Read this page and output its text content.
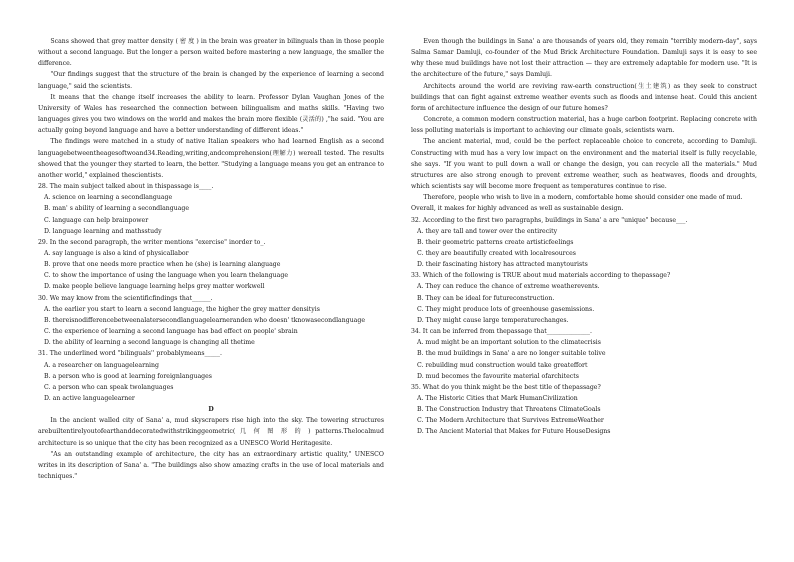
Scans showed that grey matter density ( 密 度 ) in the brain was greater in bilinguals than in those people without a second language. But the longer a person waited before mastering a new language, the smaller the difference.

"Our findings suggest that the structure of the brain is changed by the experience of learning a second language," said the scientists.

It means that the change itself increases the ability to learn. Professor Dylan Vaughan Jones of the University of Wales has researched the connection between bilingualism and maths skills. "Having two languages gives you two windows on the world and makes the brain more flexible (灵活的) ,"he said. "You are actually going beyond language and have a better understanding of different ideas."

The findings were matched in a study of native Italian speakers who had learned English as a second languagebetweentheagesoftwoand34.Reading,writing,andcomprehension(理解力) wereall tested. The results showed that the younger they started to learn, the better. "Studying a language means you get an entrance to another world," explained thescientists.

28. The main subject talked about in thispassage is____.

A. science on learning a secondlanguage

B. man' s ability of learning a secondlanguage

C. language can help brainpower

D. language learning and mathsstudy

29. In the second paragraph, the writer mentions "exercise" inorder to_.

A. say language is also a kind of physicallabor

B. prove that one needs more practice when he (she) is learning alanguage

C. to show the importance of using the language when you learn thelanguage

D. make people believe language learning helps grey matter workwell

30. We may know from the scientificfindings that______.

A. the earlier you start to learn a second language, the higher the grey matter densityis

B. thereisnodifferencebetweenalatersecondlanguagelearneranden who doesn' tknowasecondlanguage

C. the experience of learning a second language has bad effect on people' sbrain

D. the ability of learning a second language is changing all thetime

31. The underlined word "bilinguals'' probablymeans_____.

A. a researcher on languagelearning

B. a person who is good at learning foreignlanguages

C. a person who can speak twolanguages

D. an active languagelearner

D

In the ancient walled city of Sana' a, mud skyscrapers rise high into the sky. The towering structures arebuiltentirelyoutofearthanddecoratedwithstrikinggeometric( 几 何 图 形 的 ) patterns.Thelocalmud architecture is so unique that the city has been recognized as a UNESCO World Heritagesite.

"As an outstanding example of architecture, the city has an extraordinary artistic quality," UNESCO writes in its description of Sana' a. "The buildings also show amazing crafts in the use of local materials and techniques."

Even though the buildings in Sana' a are thousands of years old, they remain "terribly modern-day", says Salma Samar Damluji, co-founder of the Mud Brick Architecture Foundation. Damluji says it is easy to see why these mud buildings have not lost their attraction — they are extremely adaptable for modern use. "It is the architecture of the future," says Damluji.

Architects around the world are reviving raw-earth construction(生土建筑) as they seek to construct buildings that can fight against extreme weather events such as floods and intense heat. Could this ancient form of architecture influence the design of our future homes?

Concrete, a common modern construction material, has a huge carbon footprint. Replacing concrete with less polluting materials is important to achieving our climate goals, scientists warn.

The ancient material, mud, could be the perfect replaceable choice to concrete, according to Damluji. Constructing with mud has a very low impact on the environment and the material itself is fully recyclable, she says. "If you want to pull down a wall or change the design, you can recycle all the materials." Mud structures are also strong enough to prevent extreme weather, such as heatwaves, floods and droughts, which scientists say will become more frequent as temperatures continue to rise.

Therefore, people who wish to live in a modern, comfortable home should consider one made of mud.

Overall, it makes for highly advanced as well as sustainable design.

32. According to the first two paragraphs, buildings in Sana' a are "unique" because___.

A. they are tall and tower over the entirecity

B. their geometric patterns create artisticfeelings

C. they are beautifully created with localresources

D. their fascinating history has attracted manytourists

33. Which of the following is TRUE about mud materials according to thepassage?

A. They can reduce the chance of extreme weatherevents.

B. They can be ideal for futureconstruction.

C. They might produce lots of greenhouse gasemissions.

D. They might cause large temperaturechanges.

34. It can be inferred from thepassage that______________.

A. mud might be an important solution to the climatecrisis

B. the mud buildings in Sana' a are no longer suitable tolive

C. rebuilding mud construction would take greateffort

D. mud becomes the favourite material ofarchitects

35. What do you think might be the best title of thepassage?

A. The Historic Cities that Mark HumanCivilization

B. The Construction Industry that Threatens ClimateGoals

C. The Modern Architecture that Survives ExtremeWeather

D. The Ancient Material that Makes for Future HouseDesigns
